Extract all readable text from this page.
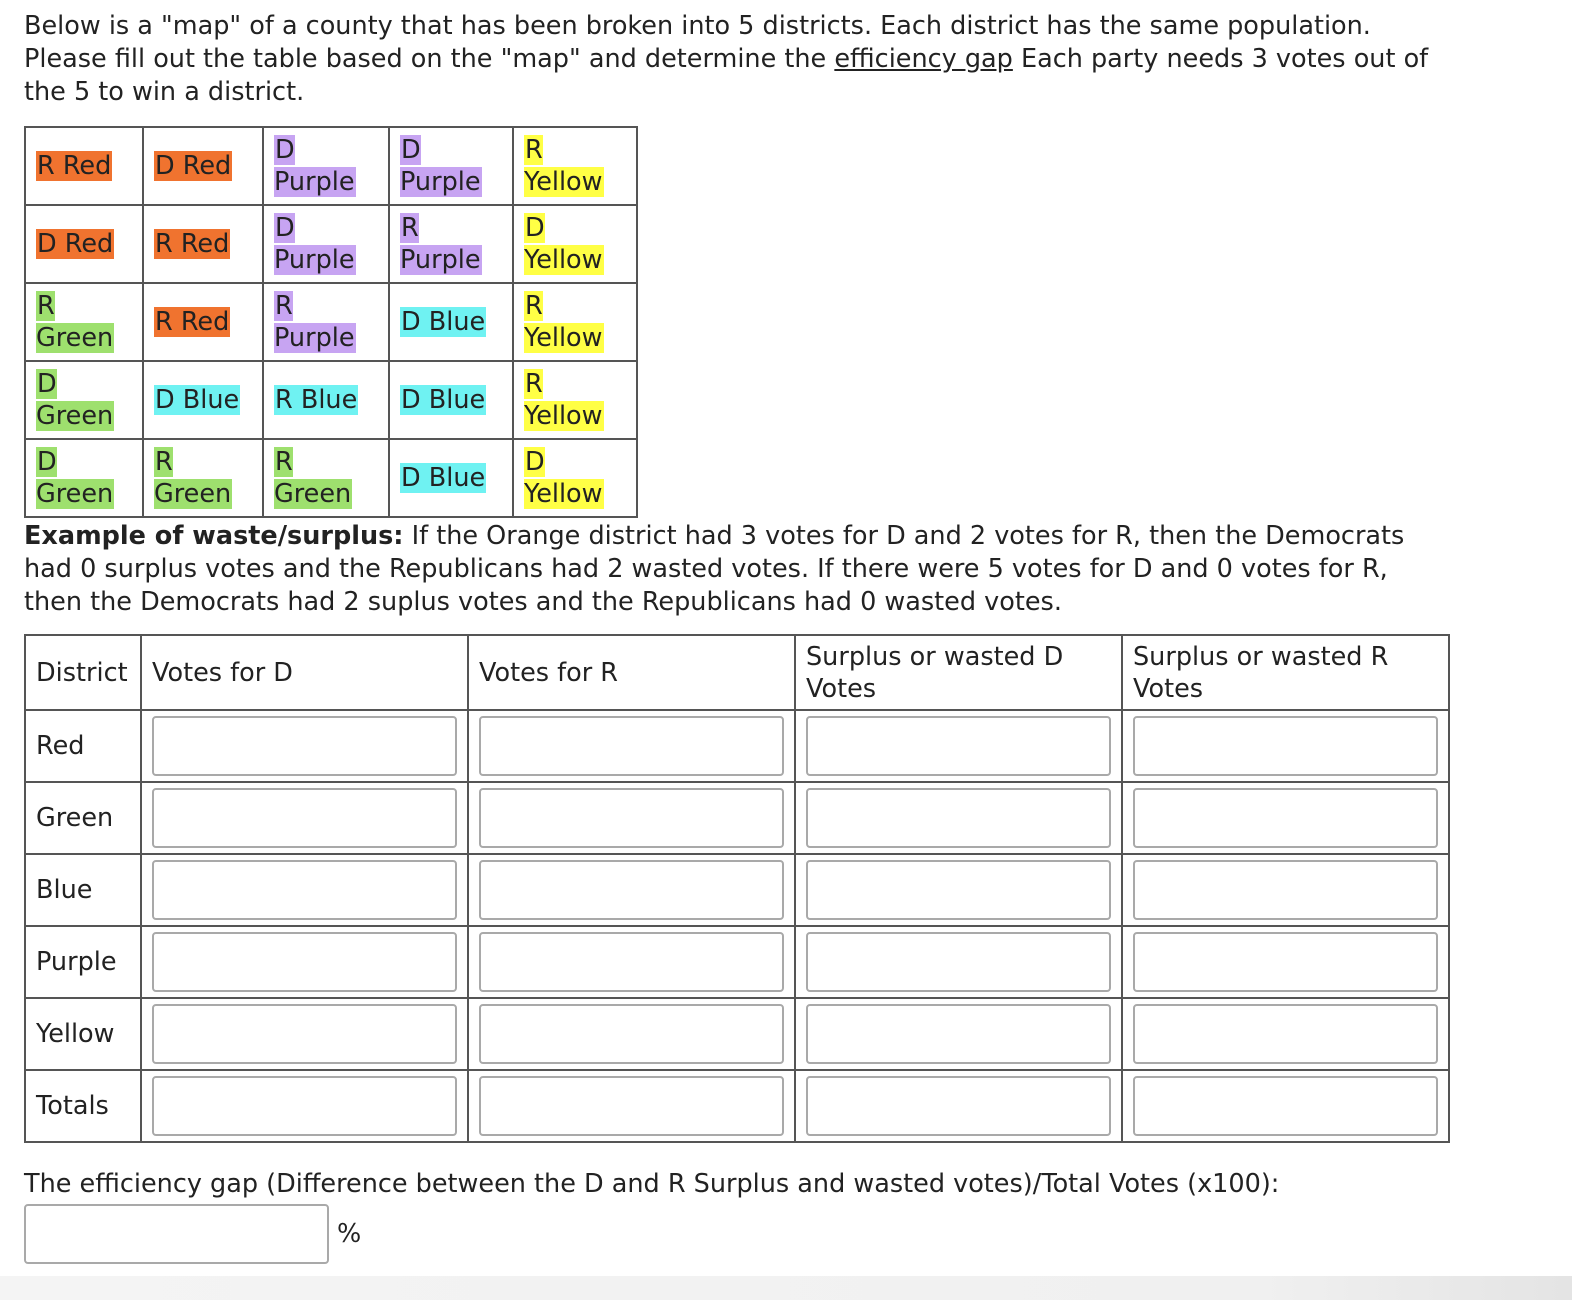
Below is a "map" of a county that has been broken into 5 districts. Each district has the same population. Please fill out the table based on the "map" and determine the efficiency gap Each party needs 3 votes out of the 5 to win a district.

R Red	D Red	D Purple	D Purple	R Yellow
D Red	R Red	D Purple	R Purple	D Yellow
R Green	R Red	R Purple	D Blue	R Yellow
D Green	D Blue	R Blue	D Blue	R Yellow
D Green	R Green	R Green	D Blue	D Yellow

Example of waste/surplus: If the Orange district had 3 votes for D and 2 votes for R, then the Democrats had 0 surplus votes and the Republicans had 2 wasted votes. If there were 5 votes for D and 0 votes for R, then the Democrats had 2 suplus votes and the Republicans had 0 wasted votes.

District	Votes for D	Votes for R	Surplus or wasted D Votes	Surplus or wasted R Votes
Red	

Green	

Blue	

Purple	

Yellow	

Totals	

The efficiency gap (Difference between the D and R Surplus and wasted votes)/Total Votes (x100):

%
